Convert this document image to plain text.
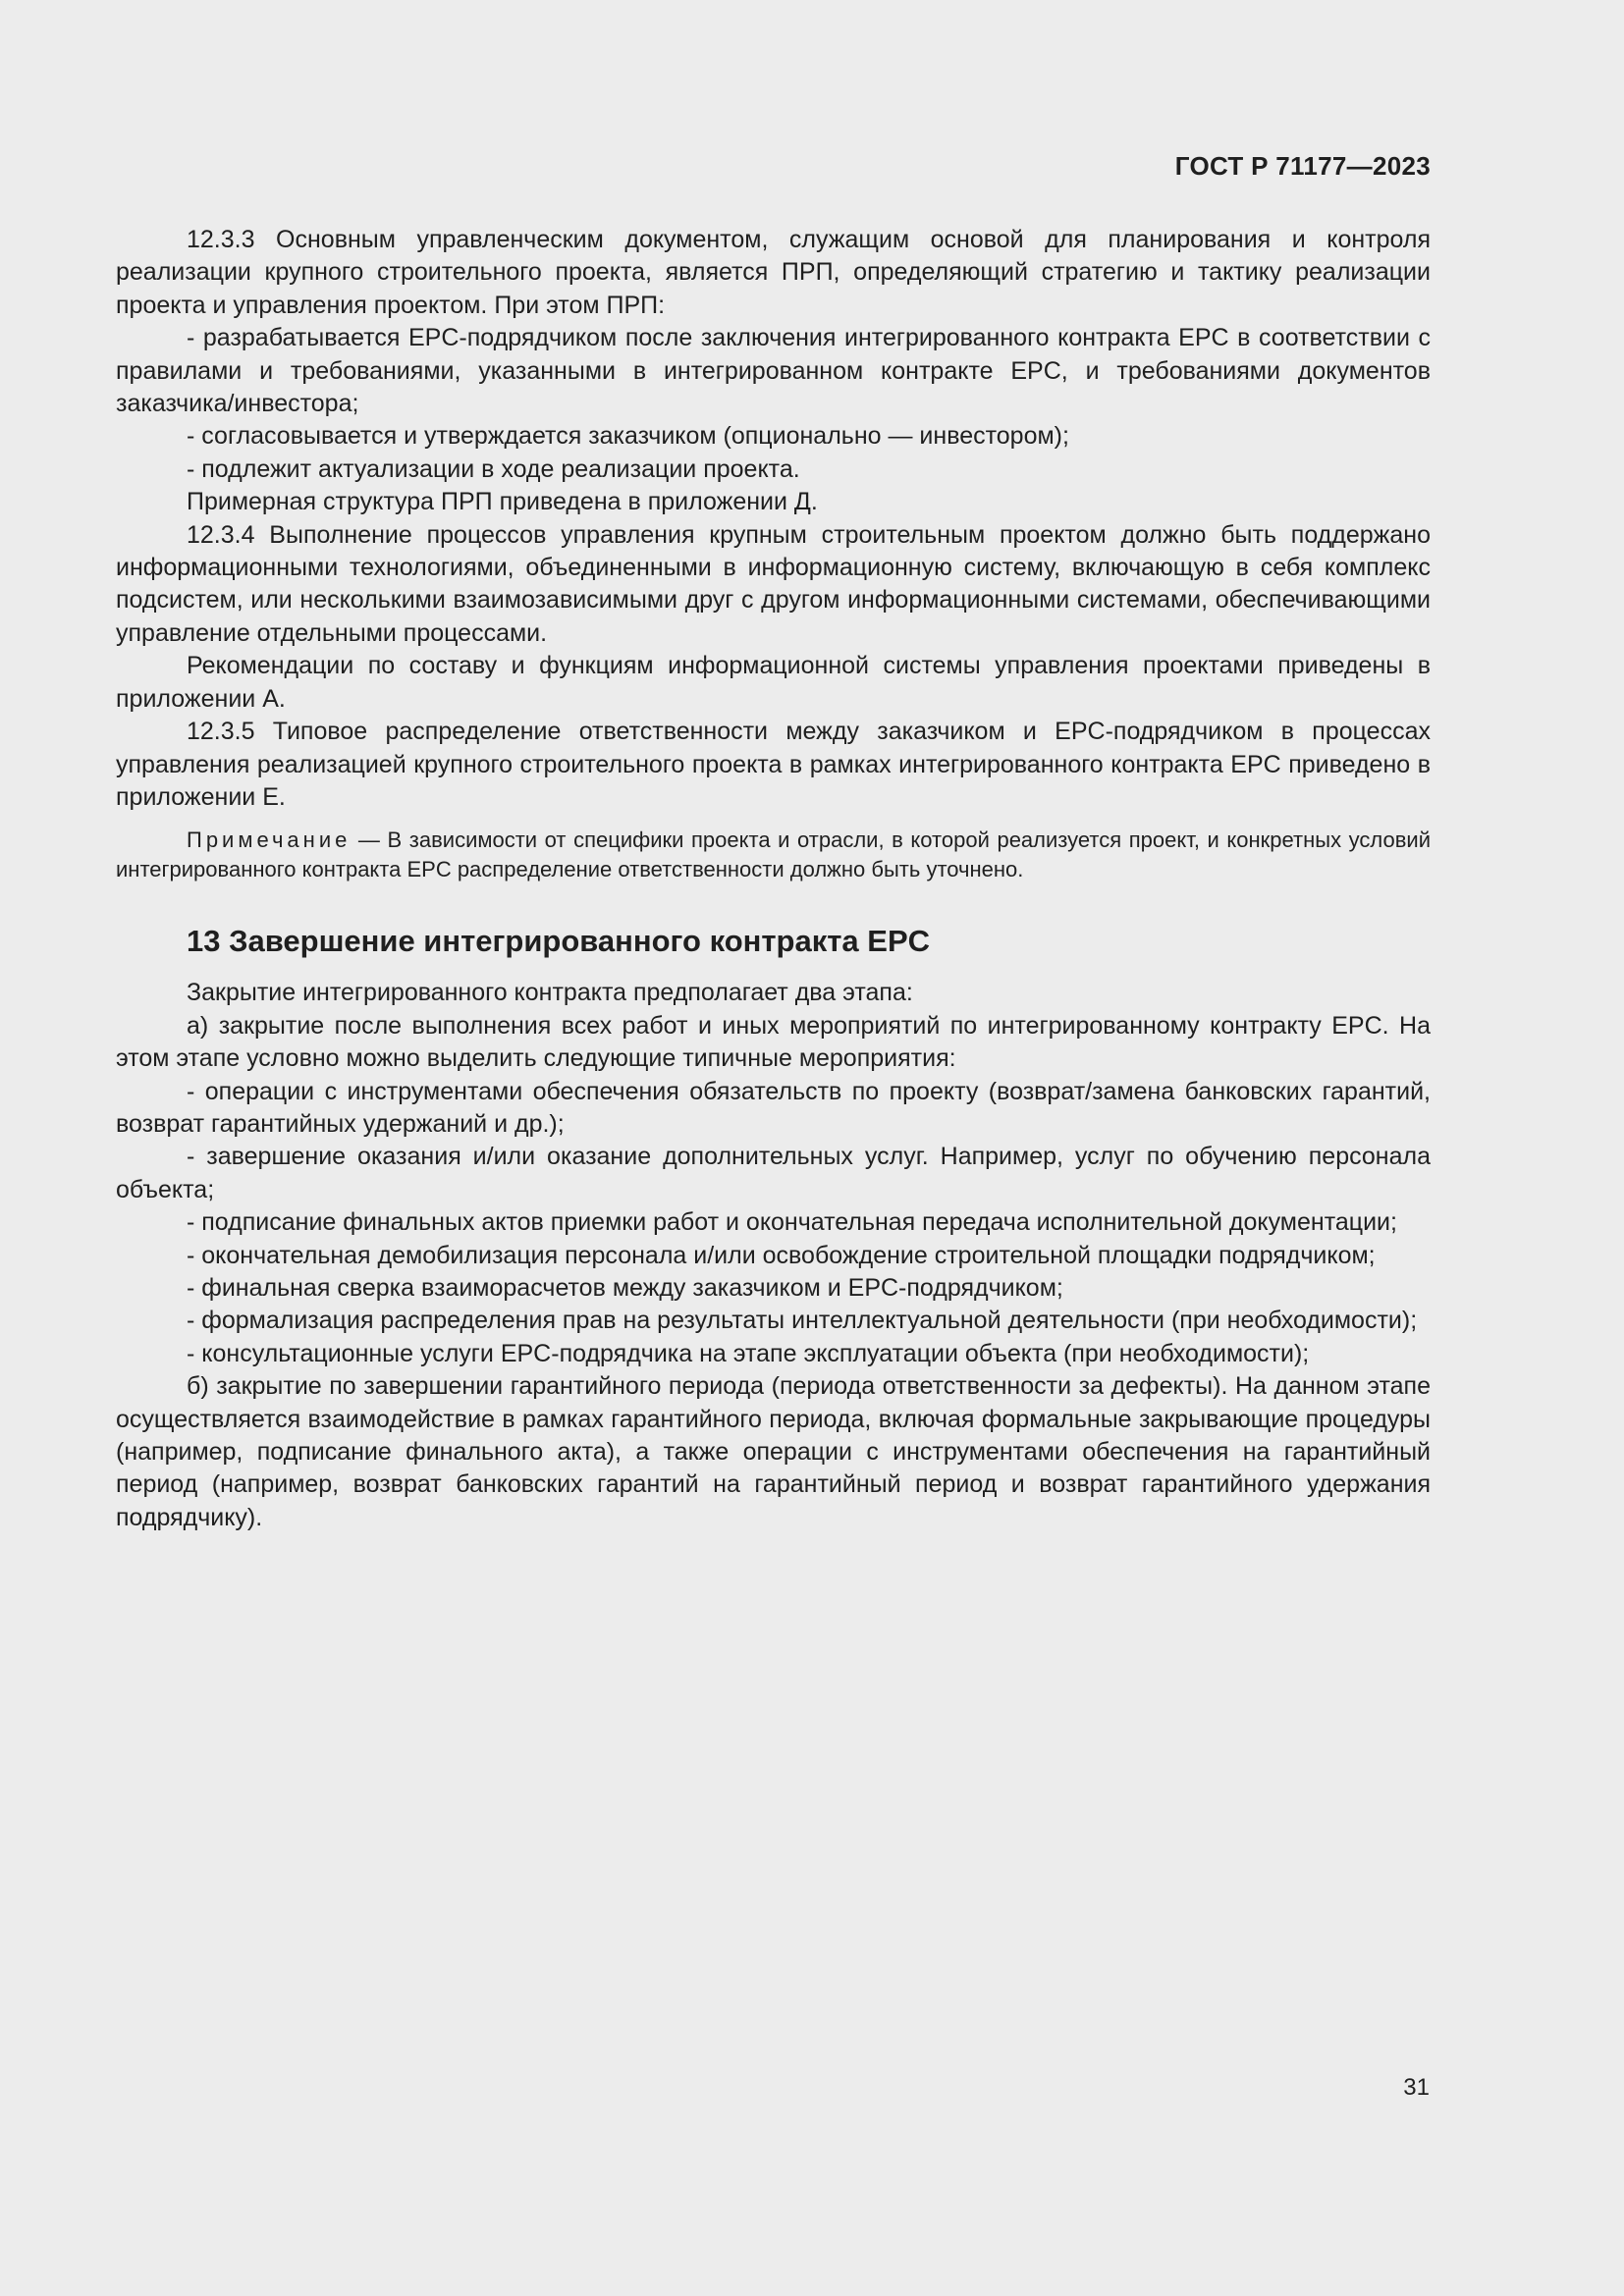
ГОСТ Р 71177—2023

12.3.3 Основным управленческим документом, служащим основой для планирования и контроля реализации крупного строительного проекта, является ПРП, определяющий стратегию и тактику реализации проекта и управления проектом. При этом ПРП:

- разрабатывается EPC-подрядчиком после заключения интегрированного контракта EPC в соответствии с правилами и требованиями, указанными в интегрированном контракте EPC, и требованиями документов заказчика/инвестора;

- согласовывается и утверждается заказчиком (опционально — инвестором);

- подлежит актуализации в ходе реализации проекта.

Примерная структура ПРП приведена в приложении Д.

12.3.4 Выполнение процессов управления крупным строительным проектом должно быть поддержано информационными технологиями, объединенными в информационную систему, включающую в себя комплекс подсистем, или несколькими взаимозависимыми друг с другом информационными системами, обеспечивающими управление отдельными процессами.

Рекомендации по составу и функциям информационной системы управления проектами приведены в приложении А.

12.3.5 Типовое распределение ответственности между заказчиком и EPC-подрядчиком в процессах управления реализацией крупного строительного проекта в рамках интегрированного контракта EPC приведено в приложении Е.

Примечание — В зависимости от специфики проекта и отрасли, в которой реализуется проект, и конкретных условий интегрированного контракта EPC распределение ответственности должно быть уточнено.

13 Завершение интегрированного контракта EPC

Закрытие интегрированного контракта предполагает два этапа:

а) закрытие после выполнения всех работ и иных мероприятий по интегрированному контракту EPC. На этом этапе условно можно выделить следующие типичные мероприятия:

- операции с инструментами обеспечения обязательств по проекту (возврат/замена банковских гарантий, возврат гарантийных удержаний и др.);

- завершение оказания и/или оказание дополнительных услуг. Например, услуг по обучению персонала объекта;

- подписание финальных актов приемки работ и окончательная передача исполнительной документации;

- окончательная демобилизация персонала и/или освобождение строительной площадки подрядчиком;

- финальная сверка взаиморасчетов между заказчиком и EPC-подрядчиком;

- формализация распределения прав на результаты интеллектуальной деятельности (при необходимости);

- консультационные услуги EPC-подрядчика на этапе эксплуатации объекта (при необходимости);

б) закрытие по завершении гарантийного периода (периода ответственности за дефекты). На данном этапе осуществляется взаимодействие в рамках гарантийного периода, включая формальные закрывающие процедуры (например, подписание финального акта), а также операции с инструментами обеспечения на гарантийный период (например, возврат банковских гарантий на гарантийный период и возврат гарантийного удержания подрядчику).

31
